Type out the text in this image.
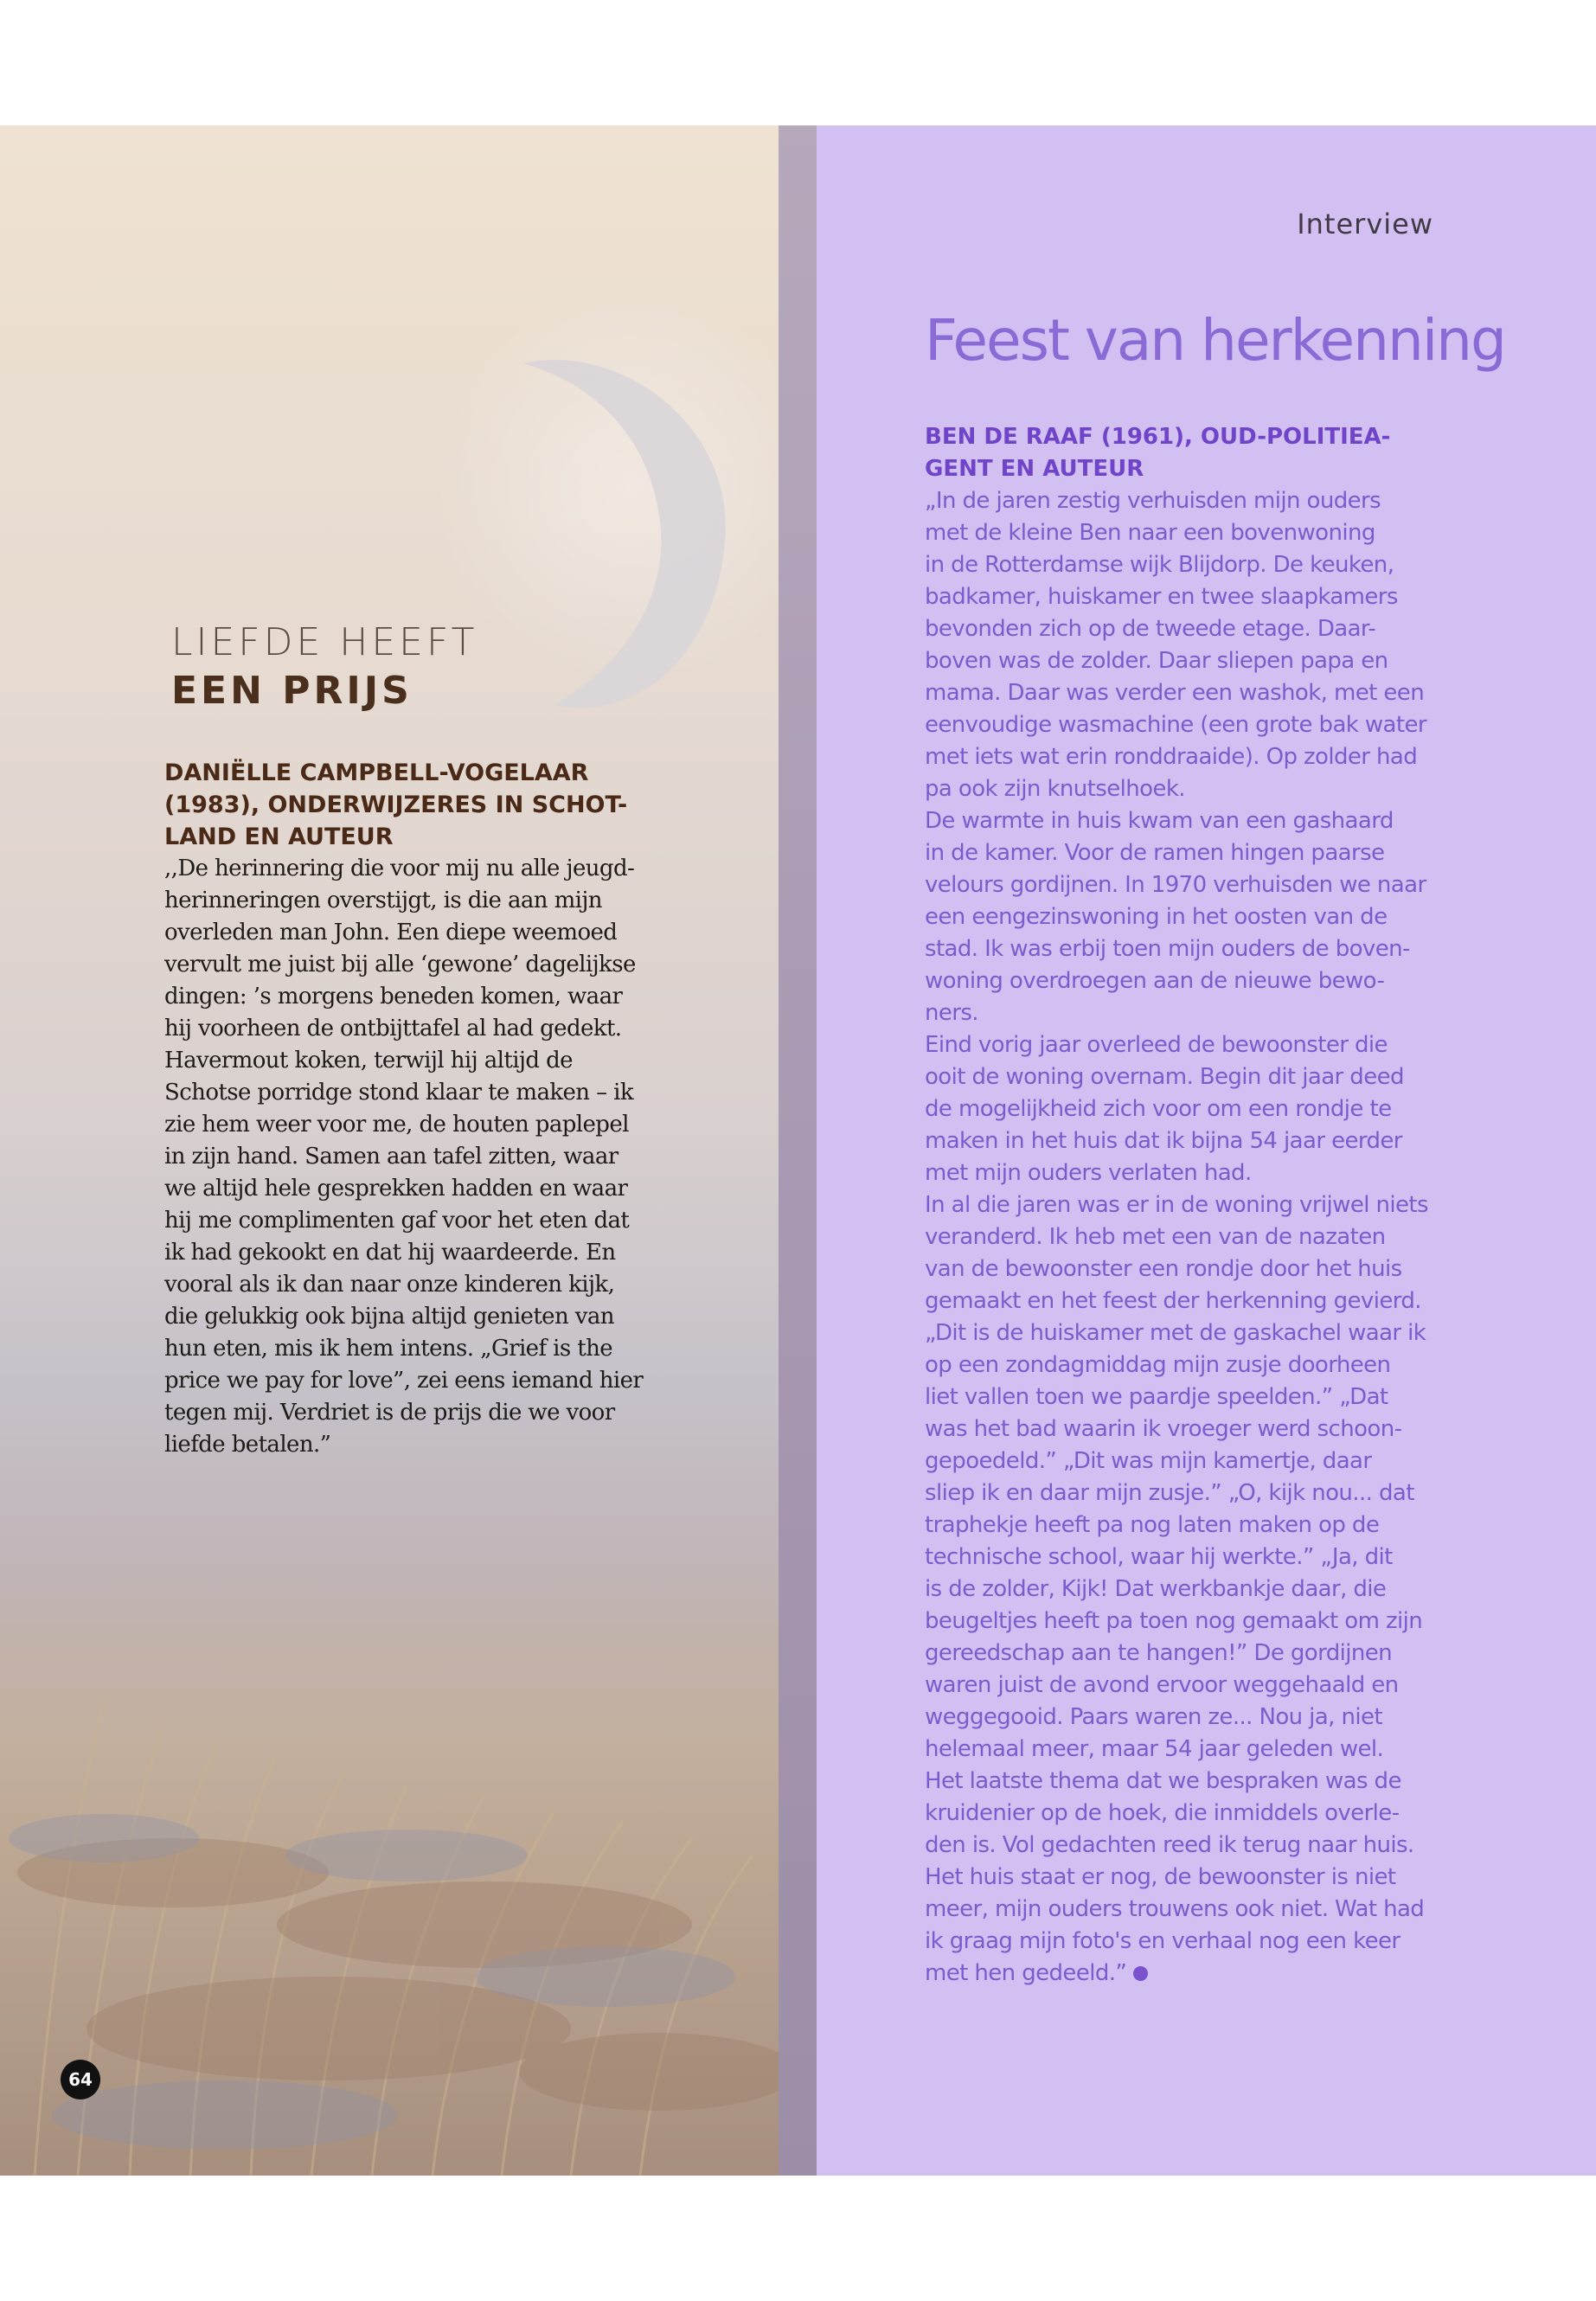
LIEFDE HEEFT
EEN PRIJS

DANIËLLE CAMPBELL-VOGELAAR
(1983), ONDERWIJZERES IN SCHOT-
LAND EN AUTEUR

,,De herinnering die voor mij nu alle jeugd-
herinneringen overstijgt, is die aan mijn
overleden man John. Een diepe weemoed
vervult me juist bij alle ‘gewone’ dagelijkse
dingen: ’s morgens beneden komen, waar
hij voorheen de ontbijttafel al had gedekt.
Havermout koken, terwijl hij altijd de
Schotse porridge stond klaar te maken – ik
zie hem weer voor me, de houten paplepel
in zijn hand. Samen aan tafel zitten, waar
we altijd hele gesprekken hadden en waar
hij me complimenten gaf voor het eten dat
ik had gekookt en dat hij waardeerde. En
vooral als ik dan naar onze kinderen kijk,
die gelukkig ook bijna altijd genieten van
hun eten, mis ik hem intens. „Grief is the
price we pay for love”, zei eens iemand hier
tegen mij. Verdriet is de prijs die we voor
liefde betalen.”

64
Interview
Feest van herkenning

BEN DE RAAF (1961), OUD-POLITIEA-
GENT EN AUTEUR

„In de jaren zestig verhuisden mijn ouders
met de kleine Ben naar een bovenwoning
in de Rotterdamse wijk Blijdorp. De keuken,
badkamer, huiskamer en twee slaapkamers
bevonden zich op de tweede etage. Daar-
boven was de zolder. Daar sliepen papa en
mama. Daar was verder een washok, met een
eenvoudige wasmachine (een grote bak water
met iets wat erin ronddraaide). Op zolder had
pa ook zijn knutselhoek.
De warmte in huis kwam van een gashaard
in de kamer. Voor de ramen hingen paarse
velours gordijnen. In 1970 verhuisden we naar
een eengezinswoning in het oosten van de
stad. Ik was erbij toen mijn ouders de boven-
woning overdroegen aan de nieuwe bewo-
ners.
Eind vorig jaar overleed de bewoonster die
ooit de woning overnam. Begin dit jaar deed
de mogelijkheid zich voor om een rondje te
maken in het huis dat ik bijna 54 jaar eerder
met mijn ouders verlaten had.
In al die jaren was er in de woning vrijwel niets
veranderd. Ik heb met een van de nazaten
van de bewoonster een rondje door het huis
gemaakt en het feest der herkenning gevierd.
„Dit is de huiskamer met de gaskachel waar ik
op een zondagmiddag mijn zusje doorheen
liet vallen toen we paardje speelden.” „Dat
was het bad waarin ik vroeger werd schoon-
gepoedeld.” „Dit was mijn kamertje, daar
sliep ik en daar mijn zusje.” „O, kijk nou... dat
traphekje heeft pa nog laten maken op de
technische school, waar hij werkte.” „Ja, dit
is de zolder, Kijk! Dat werkbankje daar, die
beugeltjes heeft pa toen nog gemaakt om zijn
gereedschap aan te hangen!” De gordijnen
waren juist de avond ervoor weggehaald en
weggegooid. Paars waren ze... Nou ja, niet
helemaal meer, maar 54 jaar geleden wel.
Het laatste thema dat we bespraken was de
kruidenier op de hoek, die inmiddels overle-
den is. Vol gedachten reed ik terug naar huis.
Het huis staat er nog, de bewoonster is niet
meer, mijn ouders trouwens ook niet. Wat had
ik graag mijn foto's en verhaal nog een keer
met hen gedeeld.”
